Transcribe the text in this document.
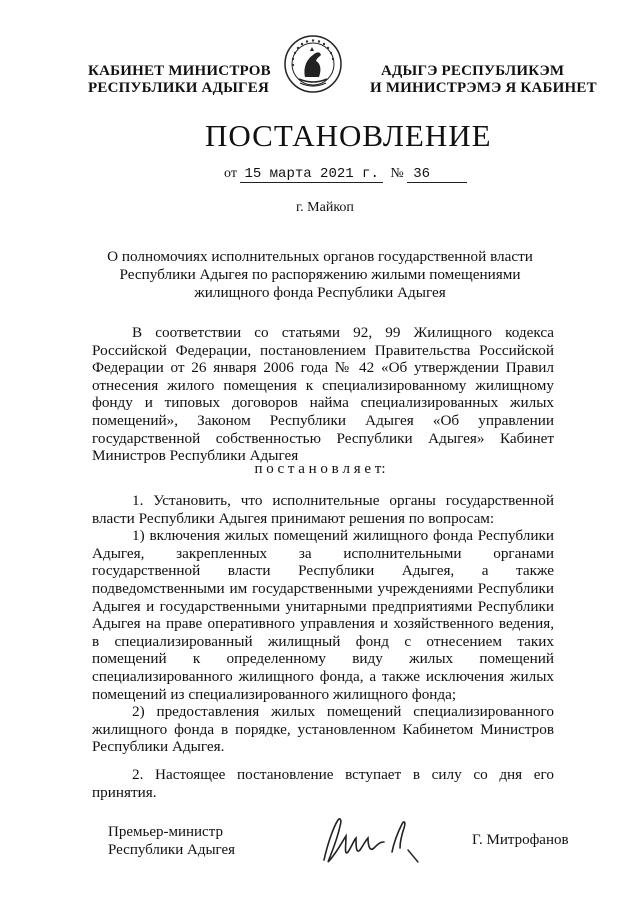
КАБИНЕТ МИНИСТРОВ
РЕСПУБЛИКИ АДЫГЕЯ
АДЫГЭ РЕСПУБЛИКЭМ
И МИНИСТРЭМЭ Я КАБИНЕТ
ПОСТАНОВЛЕНИЕ
от 15 марта 2021 г. № 36
г. Майкоп
О полномочиях исполнительных органов государственной власти
Республики Адыгея по распоряжению жилыми помещениями
жилищного фонда Республики Адыгея

В соответствии со статьями 92, 99 Жилищного кодекса Российской Федерации, постановлением Правительства Российской Федерации от 26 января 2006 года № 42 «Об утверждении Правил отнесения жилого помещения к специализированному жилищному фонду и типовых договоров найма специализированных жилых помещений», Законом Республики Адыгея «Об управлении государственной собственностью Республики Адыгея» Кабинет Министров Республики Адыгея

п о с т а н о в л я е т:

1. Установить, что исполнительные органы государственной власти Республики Адыгея принимают решения по вопросам:

1) включения жилых помещений жилищного фонда Республики Адыгея, закрепленных за исполнительными органами государственной власти Республики Адыгея, а также подведомственными им государственными учреждениями Республики Адыгея и государственными унитарными предприятиями Республики Адыгея на праве оперативного управления и хозяйственного ведения, в специализированный жилищный фонд с отнесением таких помещений к определенному виду жилых помещений специализированного жилищного фонда, а также исключения жилых помещений из специализированного жилищного фонда;

2) предоставления жилых помещений специализированного жилищного фонда в порядке, установленном Кабинетом Министров Республики Адыгея.

2. Настоящее постановление вступает в силу со дня его принятия.

Премьер-министр
Республики Адыгея
Г. Митрофанов
